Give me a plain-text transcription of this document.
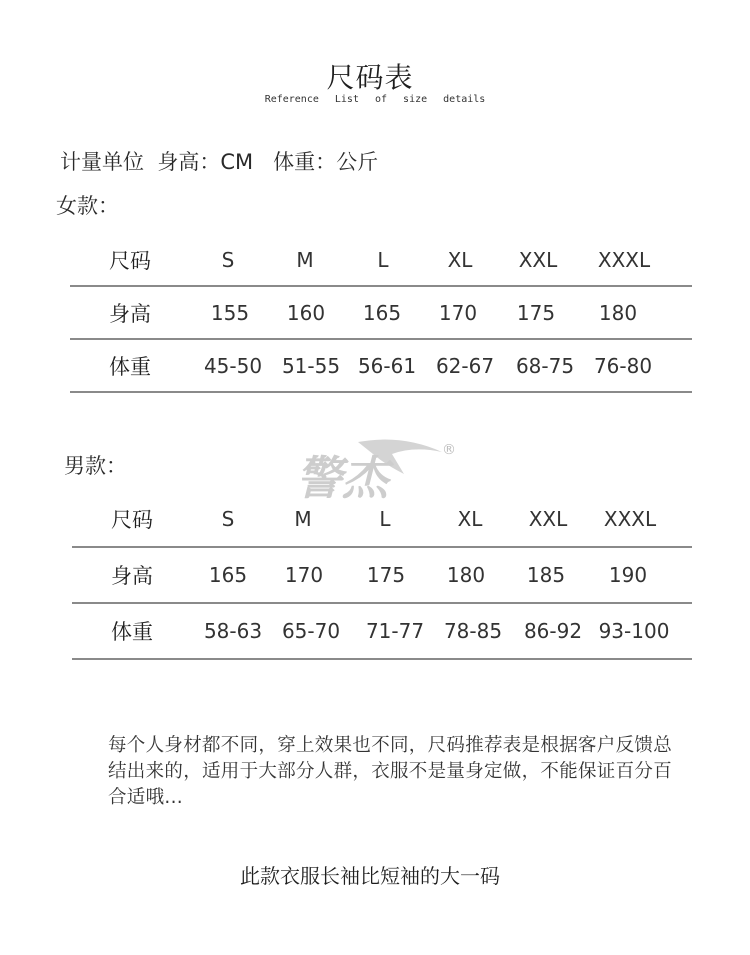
尺码表
Reference List of size details
计量单位  身高：CM   体重：公斤
女款：
尺码	S	M	L	XL	XXL	XXXL
身高	155	160	165	170	175	180
体重	45-50 51-55 56-61 62-67 68-75 76-80
警杰
®
男款：
尺码	S	M	L	XL	XXL	XXXL
身高	165	170	175	180	185	190
体重	58-63 65-70 71-77 78-85 86-92 93-100
每个人身材都不同，穿上效果也不同，尺码推荐表是根据客户反馈总结出来的，适用于大部分人群，衣服不是量身定做，不能保证百分百合适哦...
此款衣服长袖比短袖的大一码
